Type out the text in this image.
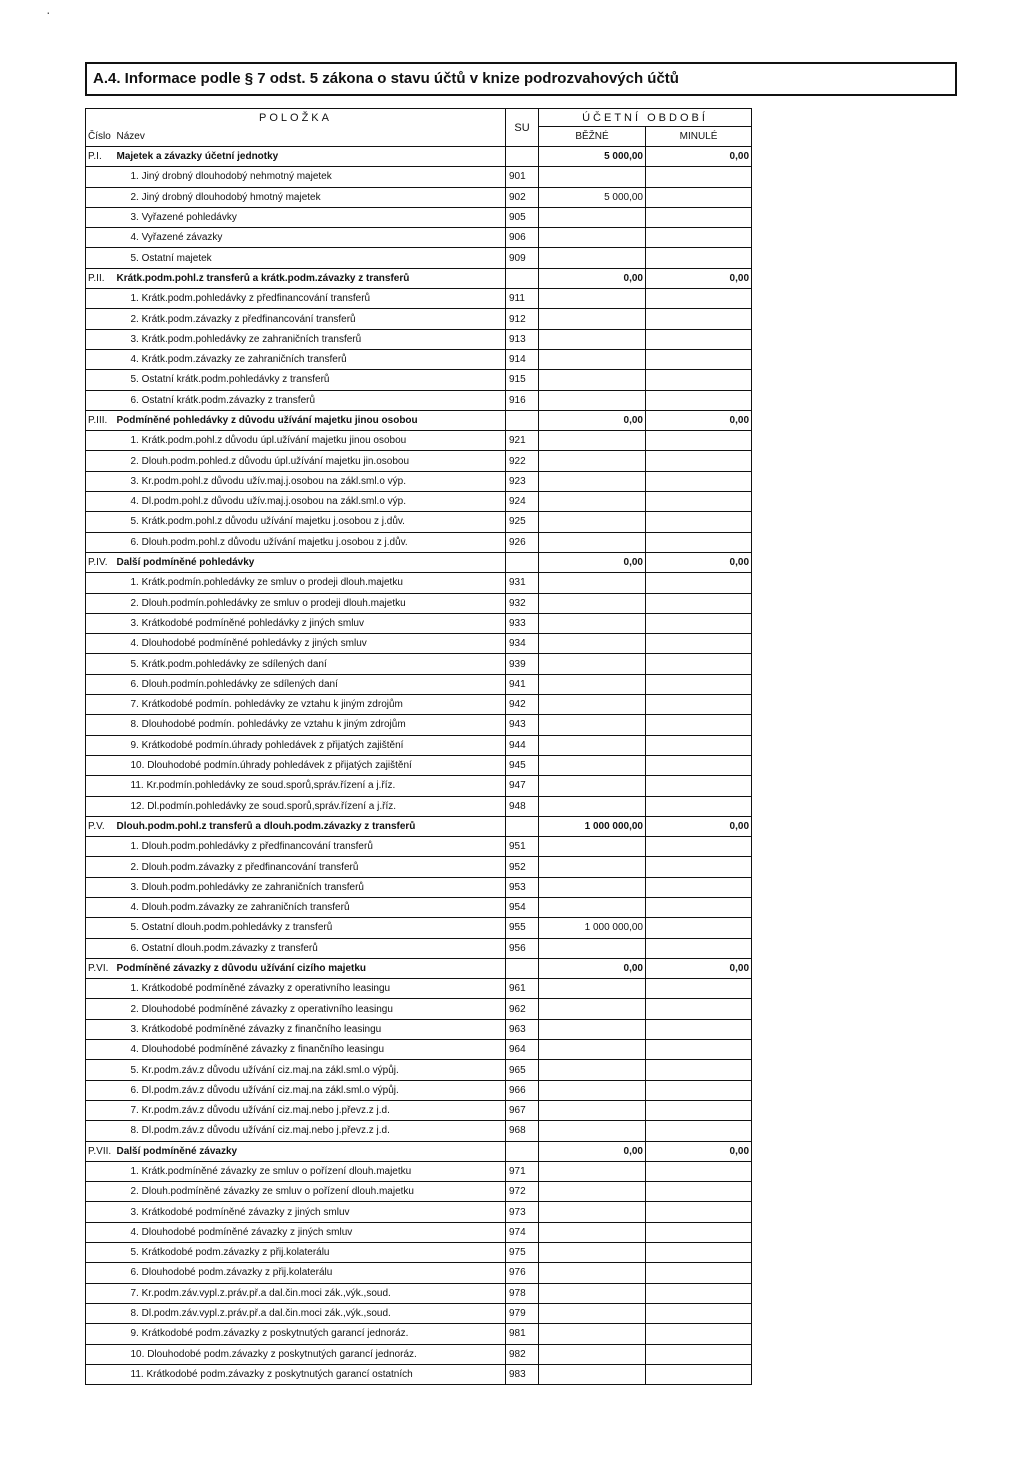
A.4. Informace podle § 7 odst. 5 zákona o stavu účtů v knize podrozvahových účtů
POLOŽKA		SU	ÚČETNÍ OBDOBÍ	
Číslo	Název		BĚŽNÉ	MINULÉ
P.I.	Majetek a závazky účetní jednotky		5 000,00	0,00
	1. Jiný drobný dlouhodobý nehmotný majetek	901		
	2. Jiný drobný dlouhodobý hmotný majetek	902	5 000,00	
	3. Vyřazené pohledávky	905		
	4. Vyřazené závazky	906		
	5. Ostatní majetek	909		
P.II.	Krátk.podm.pohl.z transferů a krátk.podm.závazky z transferů		0,00	0,00
	1. Krátk.podm.pohledávky z předfinancování transferů	911		
	2. Krátk.podm.závazky z předfinancování transferů	912		
	3. Krátk.podm.pohledávky ze zahraničních transferů	913		
	4. Krátk.podm.závazky ze zahraničních transferů	914		
	5. Ostatní krátk.podm.pohledávky z transferů	915		
	6. Ostatní krátk.podm.závazky z transferů	916		
P.III.	Podmíněné pohledávky z důvodu užívání majetku jinou osobou		0,00	0,00
	1. Krátk.podm.pohl.z důvodu úpl.užívání majetku jinou osobou	921		
	2. Dlouh.podm.pohled.z důvodu úpl.užívání majetku jin.osobou	922		
	3. Kr.podm.pohl.z důvodu užív.maj.j.osobou na zákl.sml.o výp.	923		
	4. Dl.podm.pohl.z důvodu užív.maj.j.osobou na zákl.sml.o výp.	924		
	5. Krátk.podm.pohl.z důvodu užívání majetku j.osobou z j.dův.	925		
	6. Dlouh.podm.pohl.z důvodu užívání majetku j.osobou z j.dův.	926		
P.IV.	Další podmíněné pohledávky		0,00	0,00
	1. Krátk.podmín.pohledávky ze smluv o prodeji dlouh.majetku	931		
	2. Dlouh.podmín.pohledávky ze smluv o prodeji dlouh.majetku	932		
	3. Krátkodobé podmíněné pohledávky z jiných smluv	933		
	4. Dlouhodobé podmíněné pohledávky z jiných smluv	934		
	5. Krátk.podm.pohledávky ze sdílených daní	939		
	6. Dlouh.podmín.pohledávky ze sdílených daní	941		
	7. Krátkodobé podmín. pohledávky ze vztahu k jiným zdrojům	942		
	8. Dlouhodobé podmín. pohledávky ze vztahu k jiným zdrojům	943		
	9. Krátkodobé podmín.úhrady pohledávek z přijatých zajištění	944		
	10. Dlouhodobé podmín.úhrady pohledávek z přijatých zajištění	945		
	11. Kr.podmín.pohledávky ze soud.sporů,správ.řízení a j.říz.	947		
	12. Dl.podmín.pohledávky ze soud.sporů,správ.řízení a j.říz.	948		
P.V.	Dlouh.podm.pohl.z transferů a dlouh.podm.závazky z transferů		1 000 000,00	0,00
	1. Dlouh.podm.pohledávky z předfinancování transferů	951		
	2. Dlouh.podm.závazky z předfinancování transferů	952		
	3. Dlouh.podm.pohledávky ze zahraničních transferů	953		
	4. Dlouh.podm.závazky ze zahraničních transferů	954		
	5. Ostatní dlouh.podm.pohledávky z transferů	955	1 000 000,00	
	6. Ostatní dlouh.podm.závazky z transferů	956		
P.VI.	Podmíněné závazky z důvodu užívání cizího majetku		0,00	0,00
	1. Krátkodobé podmíněné závazky z operativního leasingu	961		
	2. Dlouhodobé podmíněné závazky z operativního leasingu	962		
	3. Krátkodobé podmíněné závazky z finančního leasingu	963		
	4. Dlouhodobé podmíněné závazky z finančního leasingu	964		
	5. Kr.podm.záv.z důvodu užívání ciz.maj.na zákl.sml.o výpůj.	965		
	6. Dl.podm.záv.z důvodu užívání ciz.maj.na zákl.sml.o výpůj.	966		
	7. Kr.podm.záv.z důvodu užívání ciz.maj.nebo j.převz.z j.d.	967		
	8. Dl.podm.záv.z důvodu užívání ciz.maj.nebo j.převz.z j.d.	968		
P.VII.	Další podmíněné závazky		0,00	0,00
	1. Krátk.podmíněné závazky ze smluv o pořízení dlouh.majetku	971		
	2. Dlouh.podmíněné závazky ze smluv o pořízení dlouh.majetku	972		
	3. Krátkodobé podmíněné závazky z jiných smluv	973		
	4. Dlouhodobé podmíněné závazky z jiných smluv	974		
	5. Krátkodobé podm.závazky z přij.kolaterálu	975		
	6. Dlouhodobé podm.závazky z přij.kolaterálu	976		
	7. Kr.podm.záv.vypl.z.práv.př.a dal.čin.moci zák.,výk.,soud.	978		
	8. Dl.podm.záv.vypl.z.práv.př.a dal.čin.moci zák.,výk.,soud.	979		
	9. Krátkodobé podm.závazky z poskytnutých garancí jednoráz.	981		
	10. Dlouhodobé podm.závazky z poskytnutých garancí jednoráz.	982		
	11. Krátkodobé podm.závazky z poskytnutých garancí ostatních	983		
·
